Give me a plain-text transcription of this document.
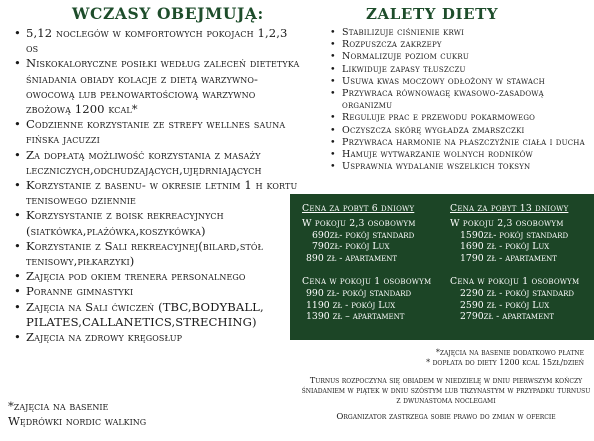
WCZASY OBEJMUJĄ:
• 5,12 noclegów w komfortowych pokojach 1,2,3 os
• Niskokaloryczne posiłki według zaleceń dietetyka śniadania obiady kolacje z dietą warzywno-owocową lub pełnowartościową warzywno zbożową 1200 kcal*
• Codzienne korzystanie ze strefy wellnes sauna fińska jacuzzi
• Za dopłatą możliwość korzystania z masaży leczniczych,odchudzających,ujędrniających
• Korzystanie z basenu- w okresie letnim 1 h kortu tenisowego dziennie
• Korzysystanie z boisk rekreacyjnych (siatkówka,plażówka,koszykówka)
• Korzystanie z Sali rekreacyjnej(bilard,stół tenisowy,piłkarzyki)
• Zajęcia pod okiem trenera personalnego
• Poranne gimnastyki
• Zajęcia na Sali ćwiczeń (TBC,BODYBALL, PILATES,CALLANETICS,STRECHING)
• Zajęcia na zdrowy kręgosłup
*zajęcia na basenie
Wędrówki nordic walking
ZALETY DIETY
• Stabilizuje ciśnienie krwi
• Rozpuszcza zakrzepy
• Normalizuje poziom cukru
• Likwiduje zapasy tłuszczu
• Usuwa kwas moczowy odłożony w stawach
• Przywraca równowagę kwasowo-zasadową organizmu
• Reguluje prac e przewodu pokarmowego
• Oczyszcza skórę wygładza zmarszczki
• Przywraca harmonie na płaszczyźnie ciała i ducha
• Hamuje wytwarzanie wolnych rodników
• Usprawnia wydalanie wszelkich toksyn
Cena za pobyt 6 dniowy
W pokoju 2,3 osobowym
690zł- pokój standard
790zł- pokój Lux
890 zł - apartament
Cena w pokoju 1 osobowym
990 zł- pokój standard
1190 zł - pokój Lux
1390 zł – apartament
Cena za pobyt 13 dniowy
W pokoju 2,3 osobowym
1590zł- pokój standard
1690 zł - pokój Lux
1790 zł - apartament
Cena w pokoju 1 osobowym
2290 zł - pokój standard
2590 zł - pokój Lux
2790zł - apartament
*zajęcia na basenie dodatkowo płatne
* dopłata do diety 1200 kcal 15zł/dzień
Turnus rozpoczyna się obiadem w niedzielę w dniu pierwszym kończy śniadaniem w piątek w dniu szóstym lub trzynastym w przypadku turnusu z dwunastoma noclegami
Organizator zastrzega sobie prawo do zmian w ofercie
